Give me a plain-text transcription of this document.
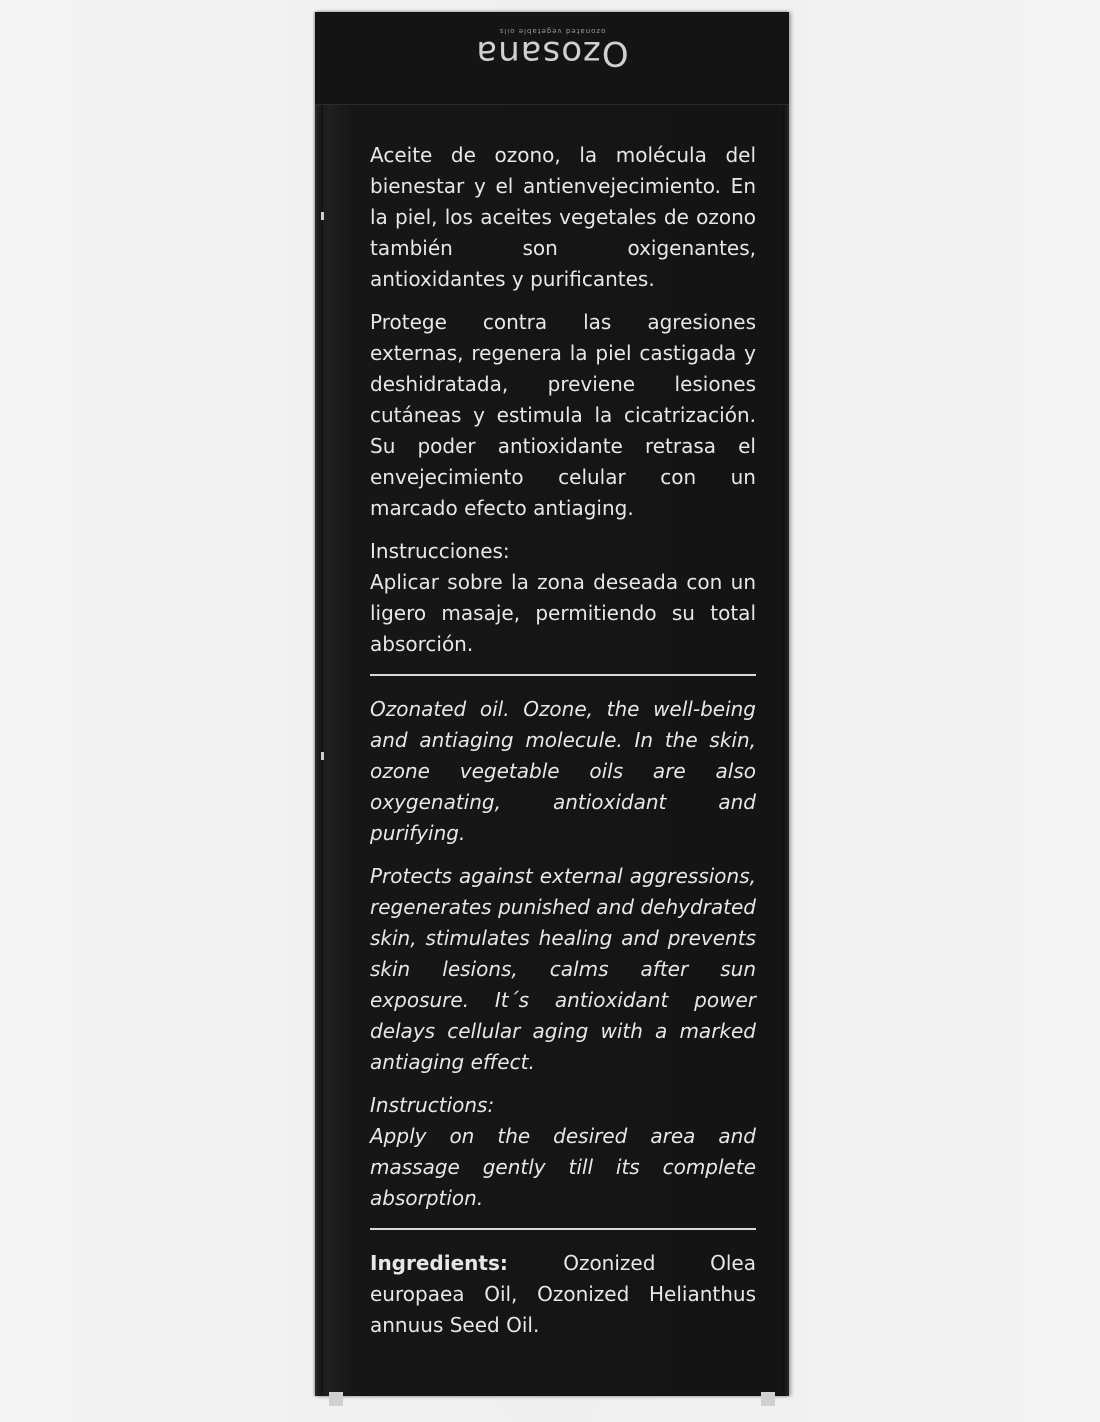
Ozosana
ozonated vegetable oils

Aceite de ozono, la molécula del bienestar y el antienvejecimiento. En la piel, los aceites vegetales de ozono también son oxigenantes, antioxidantes y purificantes.

Protege contra las agresiones externas, regenera la piel castigada y deshidratada, previene lesiones cutáneas y estimula la cicatrización. Su poder antioxidante retrasa el envejecimiento celular con un marcado efecto antiaging.

Instrucciones:
Aplicar sobre la zona deseada con un ligero masaje, permitiendo su total absorción.

Ozonated oil. Ozone, the well-being and antiaging molecule. In the skin, ozone vegetable oils are also oxygenating, antioxidant and purifying.

Protects against external aggressions, regenerates punished and dehydrated skin, stimulates healing and prevents skin lesions, calms after sun exposure. It´s antioxidant power delays cellular aging with a marked antiaging effect.

Instructions:
Apply on the desired area and massage gently till its complete absorption.

Ingredients: Ozonized Olea europaea Oil, Ozonized Helianthus annuus Seed Oil.
